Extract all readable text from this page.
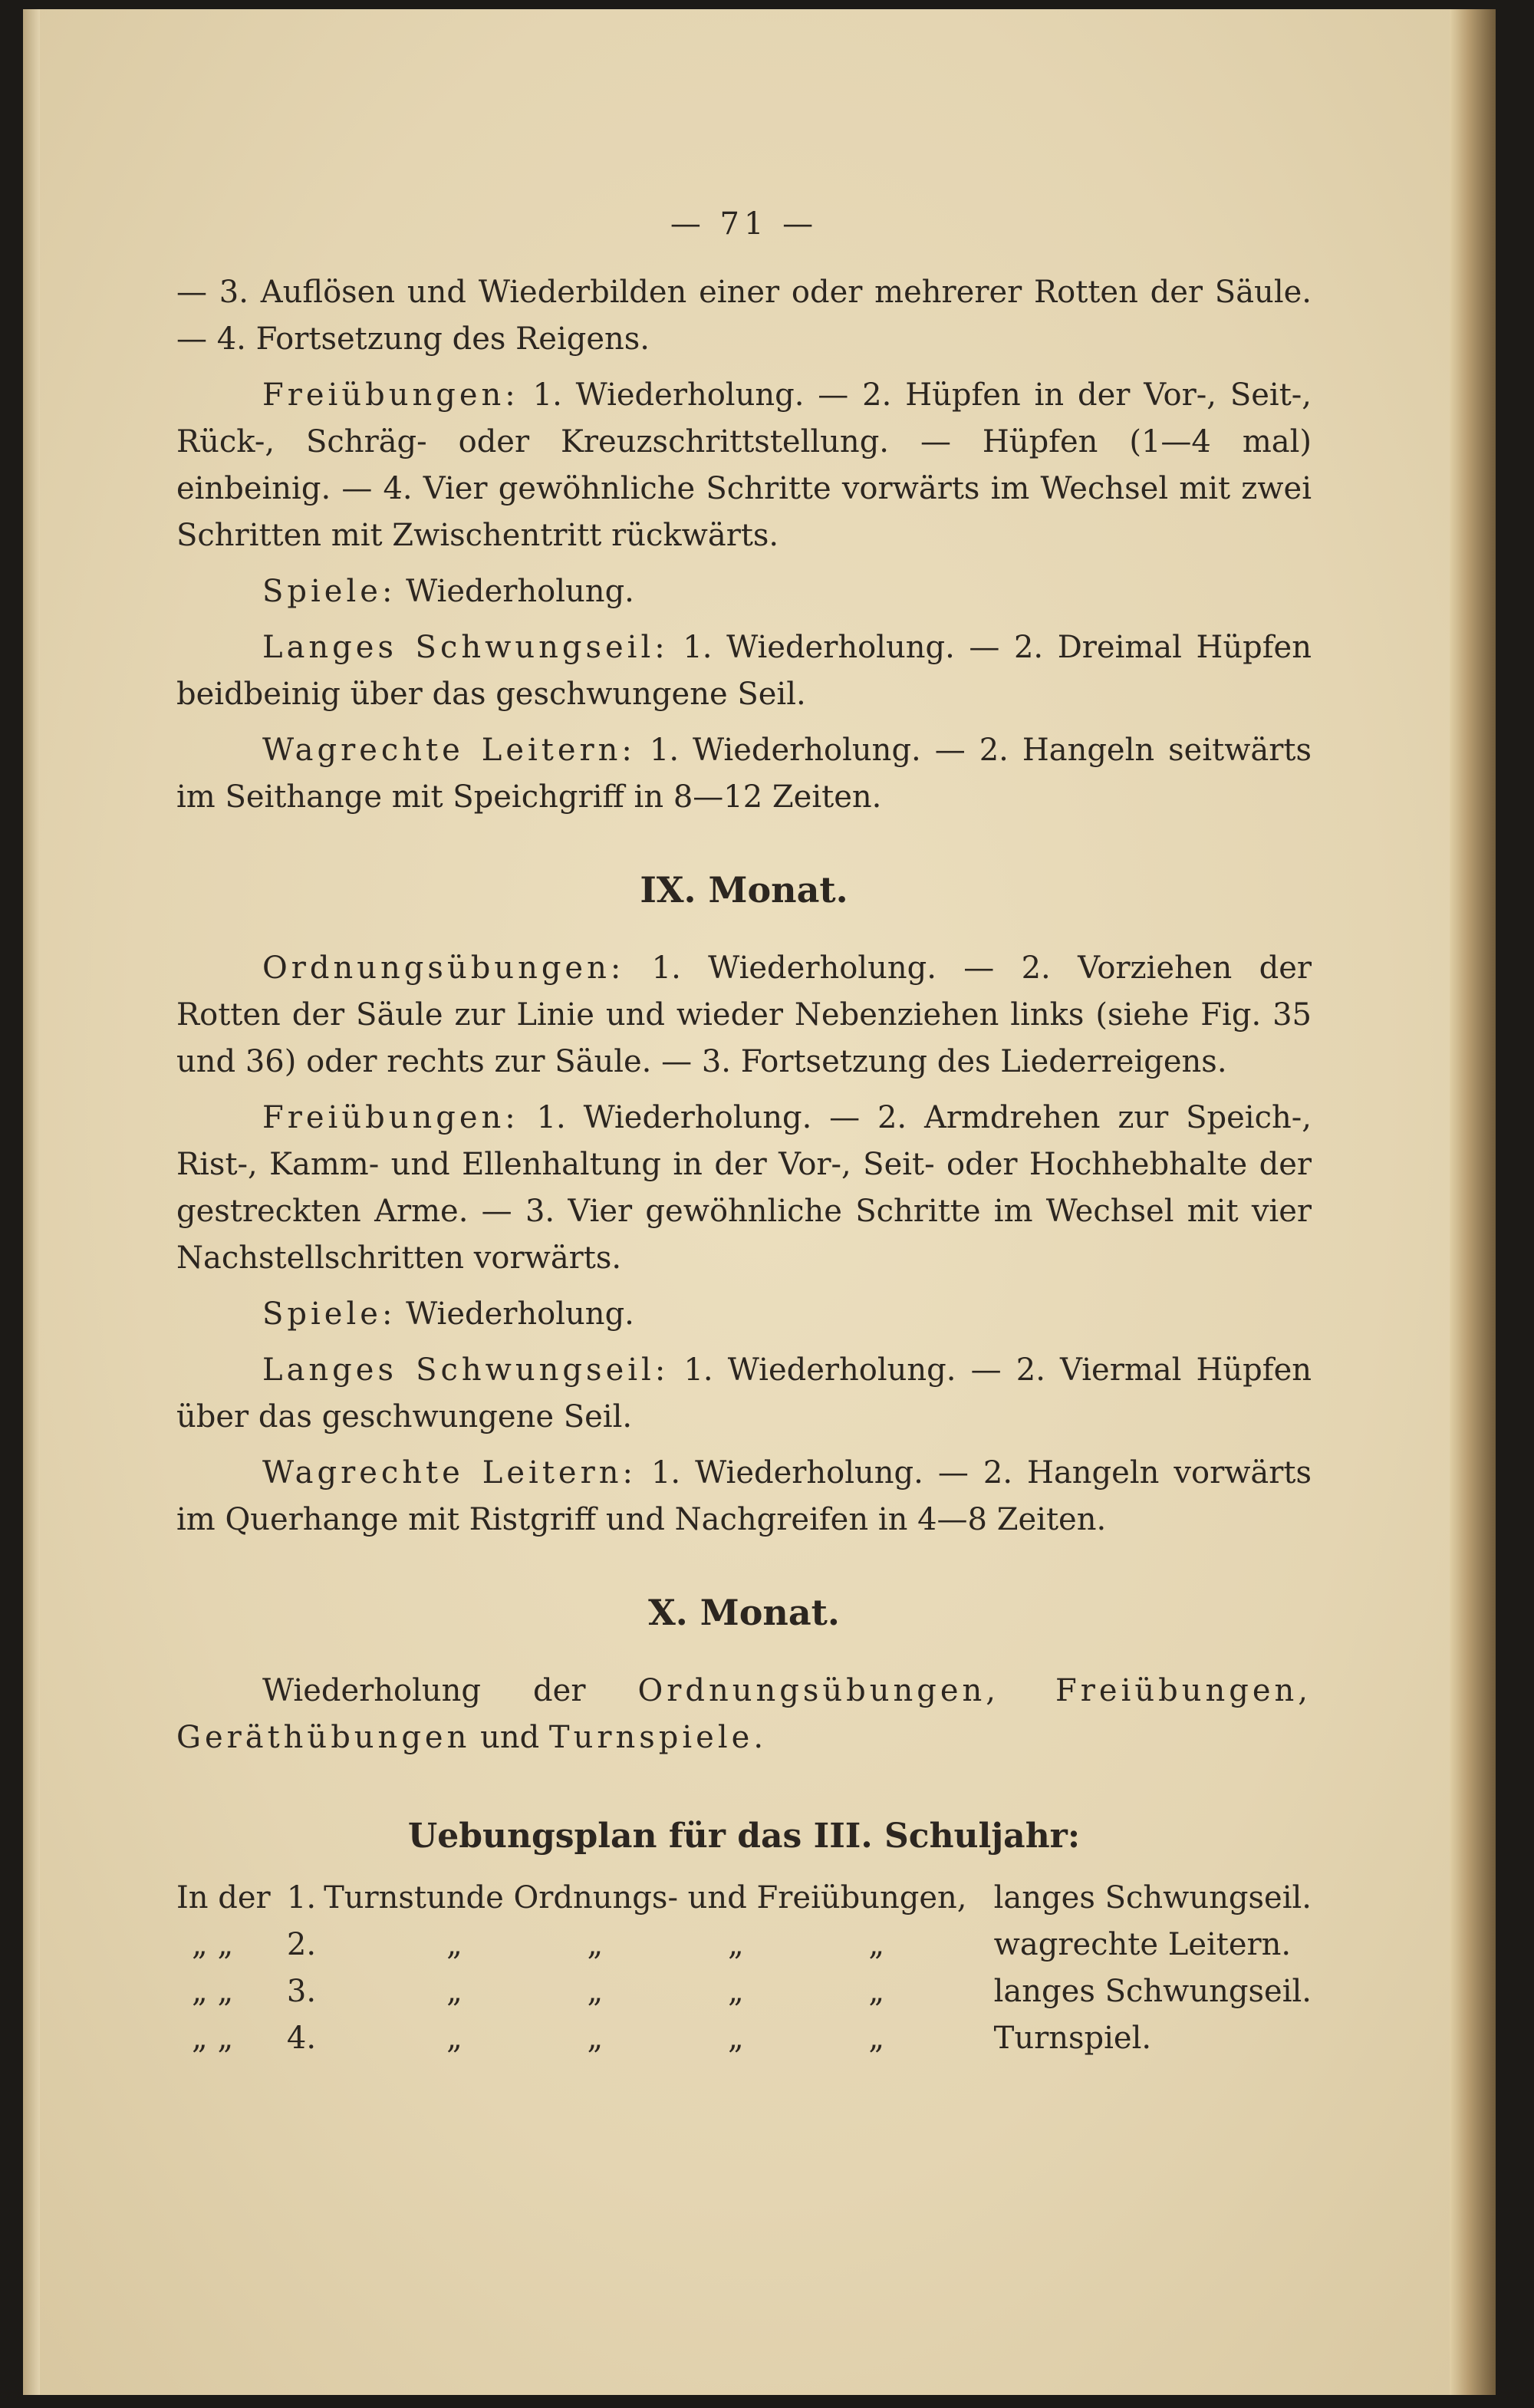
— 71 —

— 3. Auflösen und Wiederbilden einer oder mehrerer Rotten der Säule. — 4. Fortsetzung des Reigens.

Freiübungen: 1. Wiederholung. — 2. Hüpfen in der Vor-, Seit-, Rück-, Schräg- oder Kreuzschrittstellung. — Hüpfen (1—4 mal) einbeinig. — 4. Vier gewöhnliche Schritte vorwärts im Wechsel mit zwei Schritten mit Zwischentritt rückwärts.

Spiele: Wiederholung.

Langes Schwungseil: 1. Wiederholung. — 2. Dreimal Hüpfen beidbeinig über das geschwungene Seil.

Wagrechte Leitern: 1. Wiederholung. — 2. Hangeln seitwärts im Seithange mit Speichgriff in 8—12 Zeiten.

IX. Monat.

Ordnungsübungen: 1. Wiederholung. — 2. Vorziehen der Rotten der Säule zur Linie und wieder Nebenziehen links (siehe Fig. 35 und 36) oder rechts zur Säule. — 3. Fortsetzung des Liederreigens.

Freiübungen: 1. Wiederholung. — 2. Armdrehen zur Speich-, Rist-, Kamm- und Ellenhaltung in der Vor-, Seit- oder Hochhebhalte der gestreckten Arme. — 3. Vier gewöhnliche Schritte im Wechsel mit vier Nachstellschritten vorwärts.

Spiele: Wiederholung.

Langes Schwungseil: 1. Wiederholung. — 2. Viermal Hüpfen über das geschwungene Seil.

Wagrechte Leitern: 1. Wiederholung. — 2. Hangeln vorwärts im Querhange mit Ristgriff und Nachgreifen in 4—8 Zeiten.

X. Monat.

Wiederholung der Ordnungsübungen, Freiübungen, Geräthübungen und Turnspiele.

Uebungsplan für das III. Schuljahr:
In der	1.	Turnstunde Ordnungs- und Freiübungen,	langes Schwungseil.
„ „	2.	„ „ „ „	wagrechte Leitern.
„ „	3.	„ „ „ „	langes Schwungseil.
„ „	4.	„ „ „ „	Turnspiel.
